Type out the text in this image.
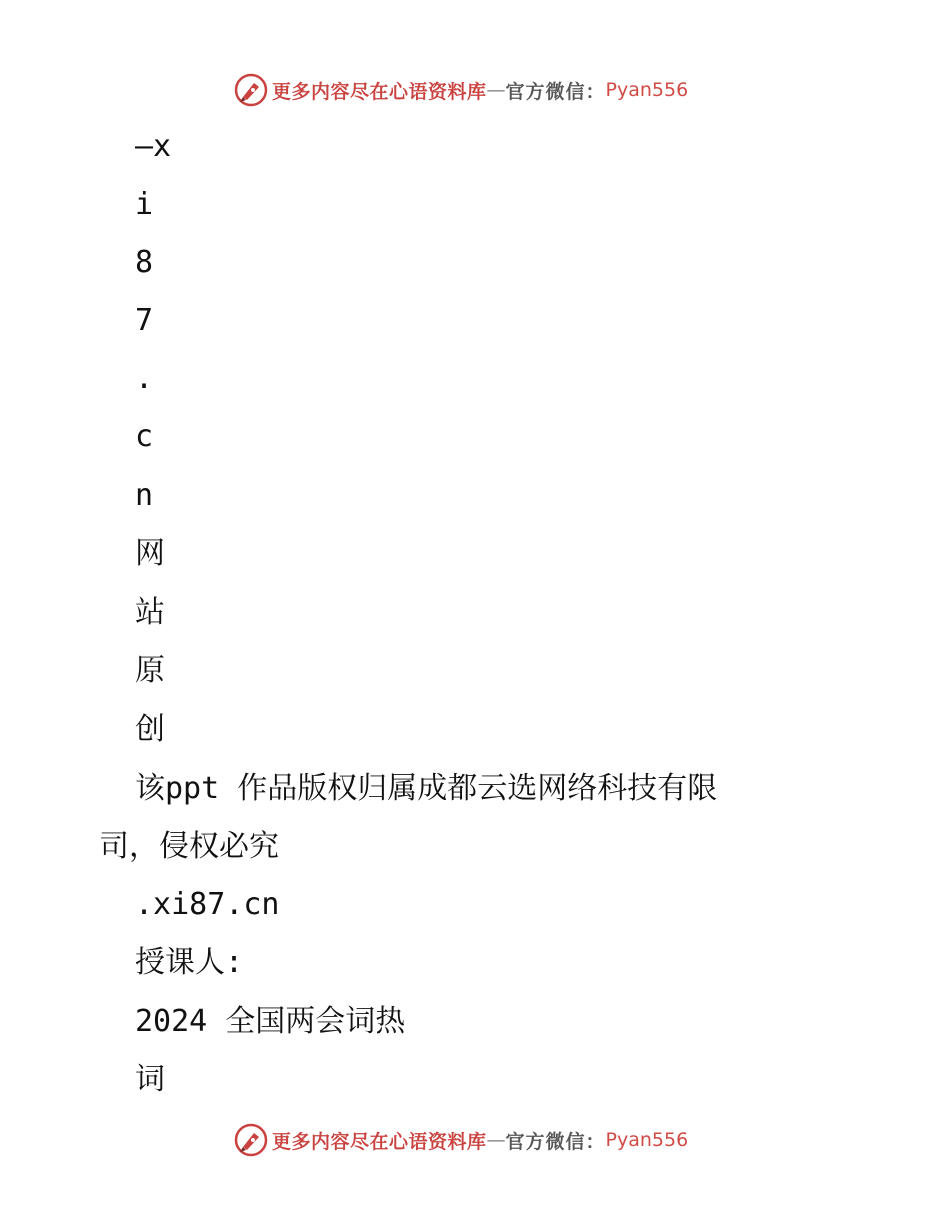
更多内容尽在心语资料库 — 官方微信： Pyan556
—x
i
8
7
.
c
n
网
站
原
创
该ppt 作品版权归属成都云选网络科技有限
司，侵权必究
.xi87.cn
授课人:
2024 全国两会词热
词
更多内容尽在心语资料库 — 官方微信： Pyan556
